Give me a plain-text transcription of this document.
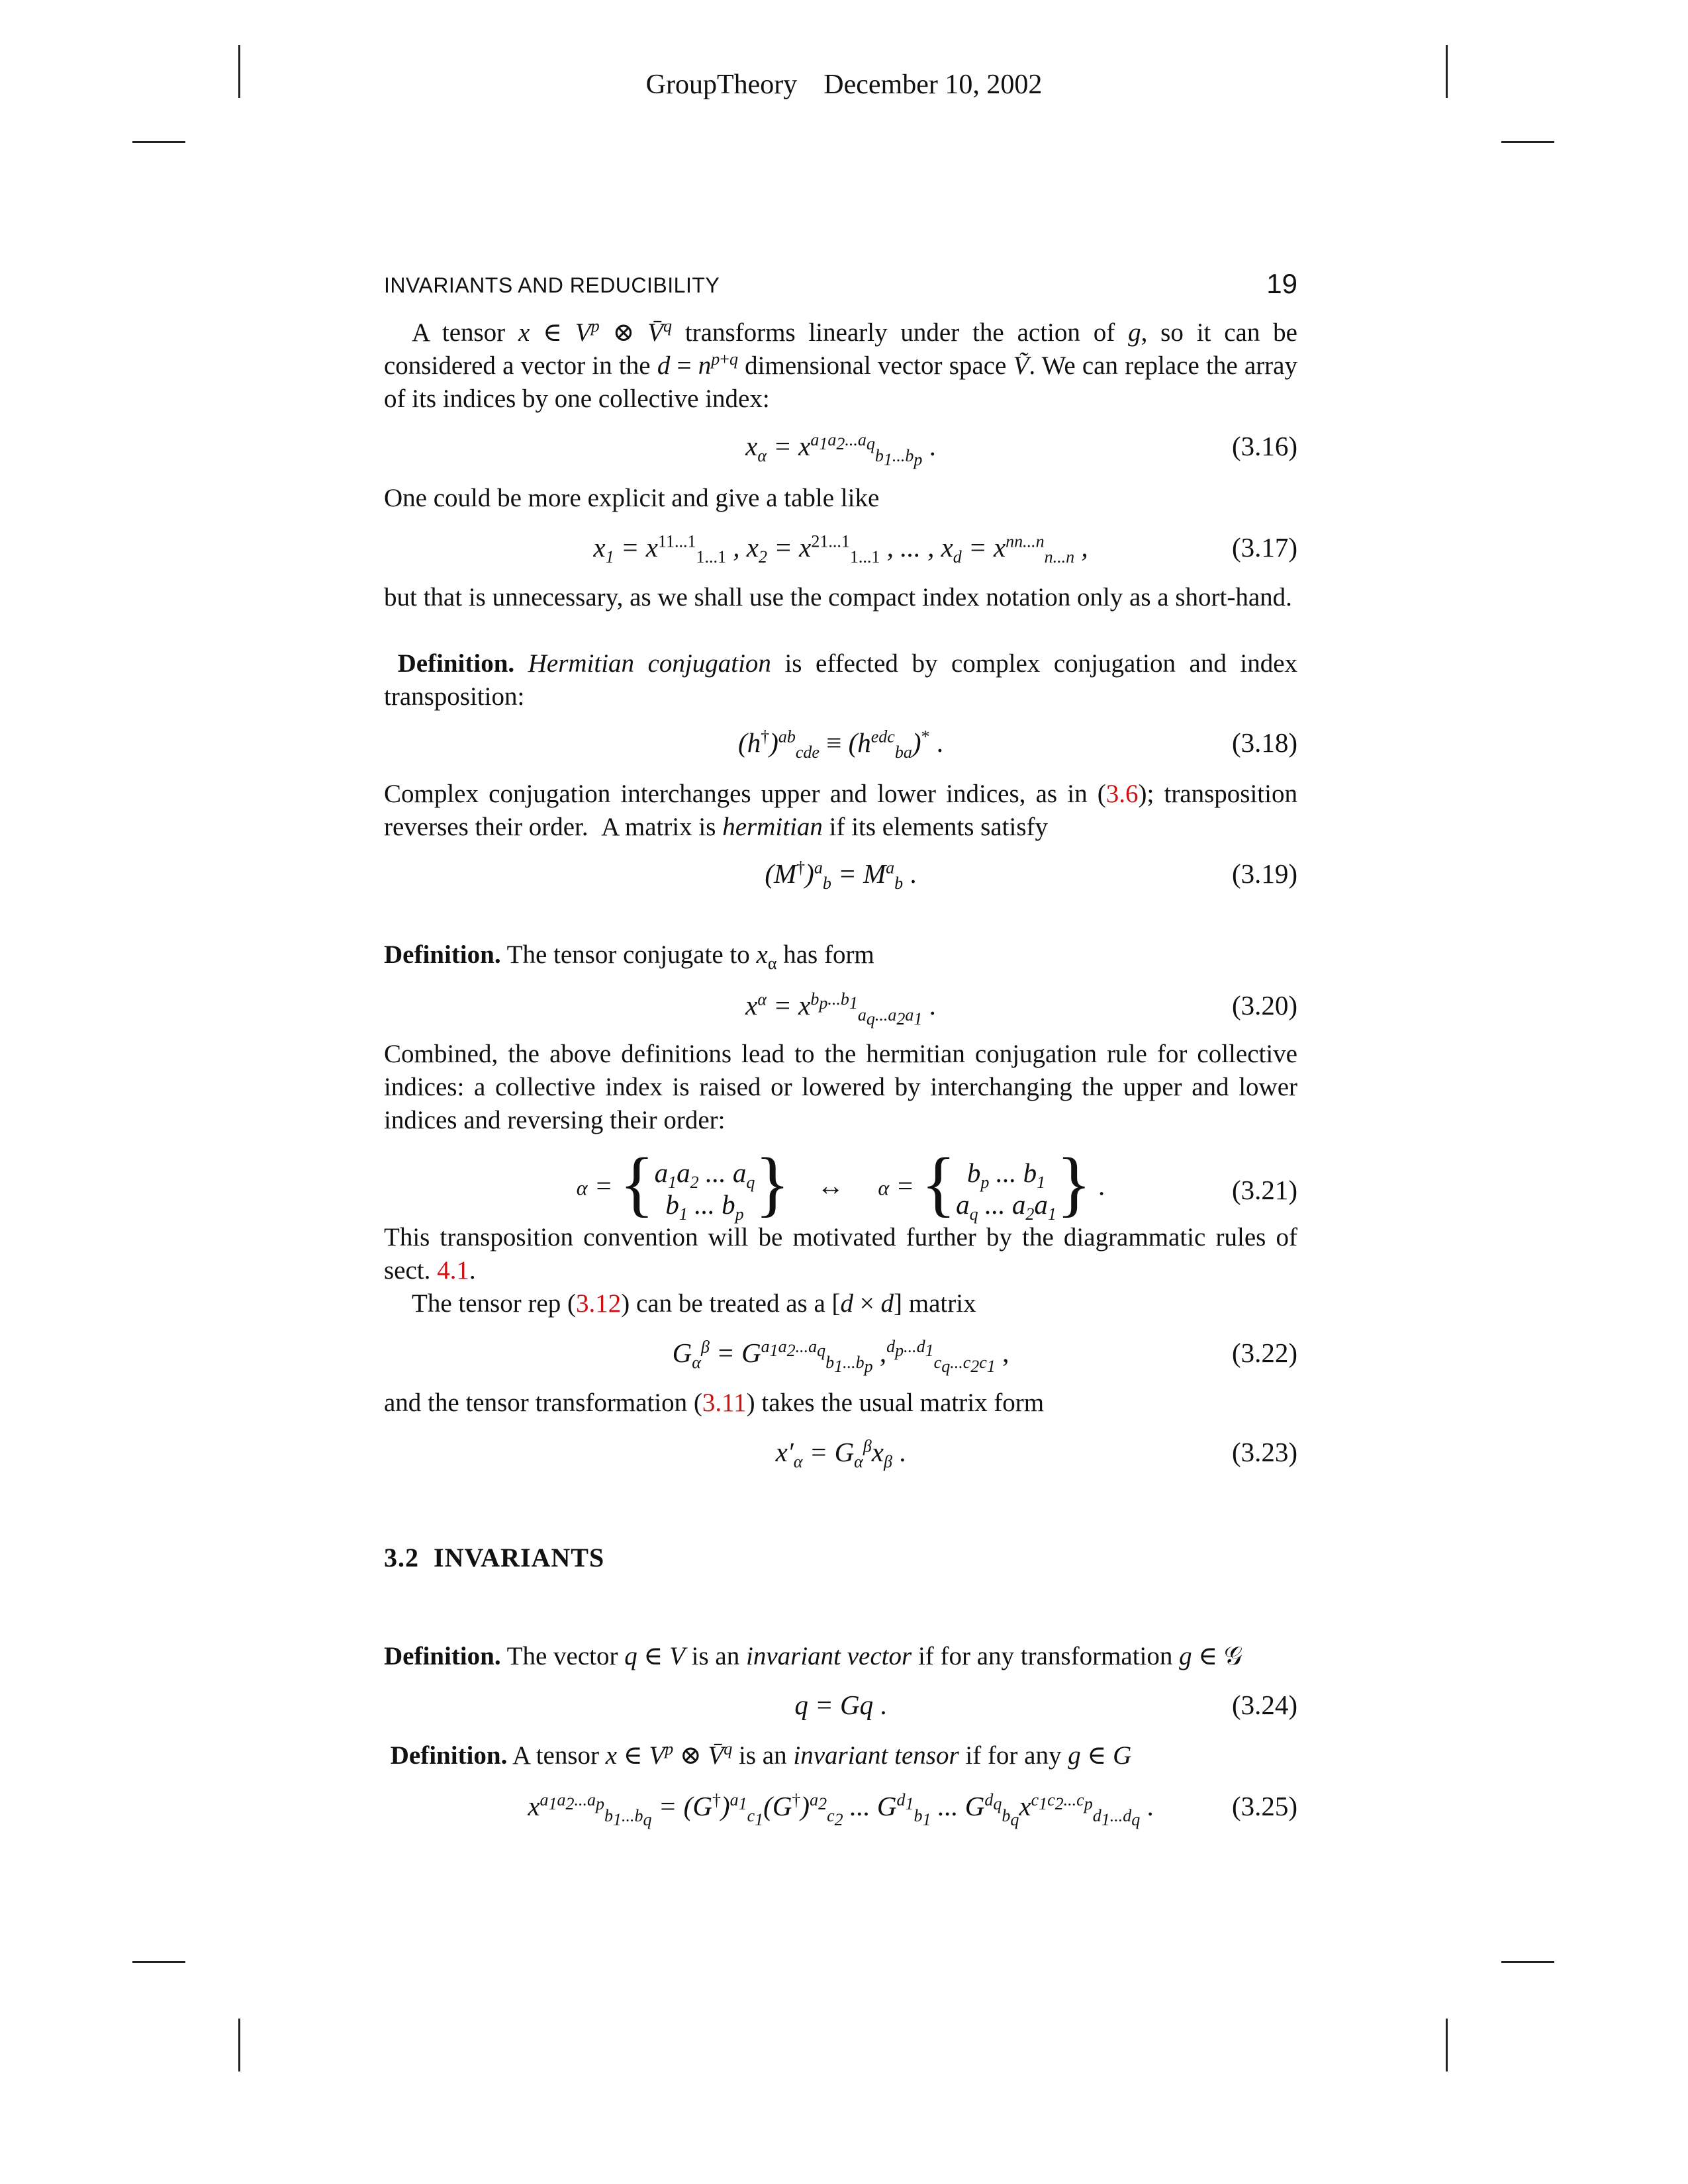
GroupTheory December 10, 2002
INVARIANTS AND REDUCIBILITY	19
A tensor x ∈ $V^p$ ⊗ V̄$^q$ transforms linearly under the action of g, so it can be considered a vector in the $d = n^{p+q}$ dimensional vector space Ṽ. We can replace the array of its indices by one collective index:
$x_\alpha = x^{a_1a_2...a_q}_{b_1...b_p}$ .	(3.16)
One could be more explicit and give a table like
$x_1 = x^{11...1}_{1...1}$ , $x_2 = x^{21...1}_{1...1}$ , ... , $x_d = x^{nn...n}_{n...n}$ ,	(3.17)
but that is unnecessary, as we shall use the compact index notation only as a short-hand.
Definition. Hermitian conjugation is effected by complex conjugation and index transposition:
$(h^\dagger)^{ab}_{cde} \equiv (h^{edc}_{ba})^*$ .	(3.18)
Complex conjugation interchanges upper and lower indices, as in (3.6); transposition reverses their order.  A matrix is hermitian if its elements satisfy
$(M^\dagger)^a_b = M^a_b$ .	(3.19)
Definition. The tensor conjugate to $x_\alpha$ has form
$x^\alpha = x^{b_p...b_1}_{a_q...a_2a_1}$ .	(3.20)
Combined, the above definitions lead to the hermitian conjugation rule for collective indices: a collective index is raised or lowered by interchanging the upper and lower indices and reversing their order:
$\alpha = \{a_1a_2$ ... $a_q$
$b_1$ ... $b_p$ } ↔ α = { $b_p$ ... $b_1$
$a_q$ ... $a_2a_1$} .	(3.21)
This transposition convention will be motivated further by the diagrammatic rules of sect. 4.1.
The tensor rep (3.12) can be treated as a [d × d] matrix
$G_\alpha^\beta = G^{a_1a_2...a_q}_{b_1...b_p}$ ,$^{d_p...d_1}_{c_q...c_2c_1}$ ,	(3.22)
and the tensor transformation (3.11) takes the usual matrix form
$x'_\alpha = G_\alpha^\beta x_\beta$ .	(3.23)
3.2 INVARIANTS
Definition. The vector q ∈ V is an invariant vector if for any transformation g ∈ 𝒢
q = Gq .	(3.24)
Definition. A tensor x ∈ $V^p$ ⊗ V̄$^q$ is an invariant tensor if for any g ∈ G
$x^{a_1a_2...a_p}_{b_1...b_q} = (G^\dagger)^{a_1}_{c_1}(G^\dagger)^{a_2}_{c_2}$ ... $G^{d_1}_{b_1}$ ... $G^{d_q}_{b_q}x^{c_1c_2...c_p}_{d_1...d_q}$ .	(3.25)
